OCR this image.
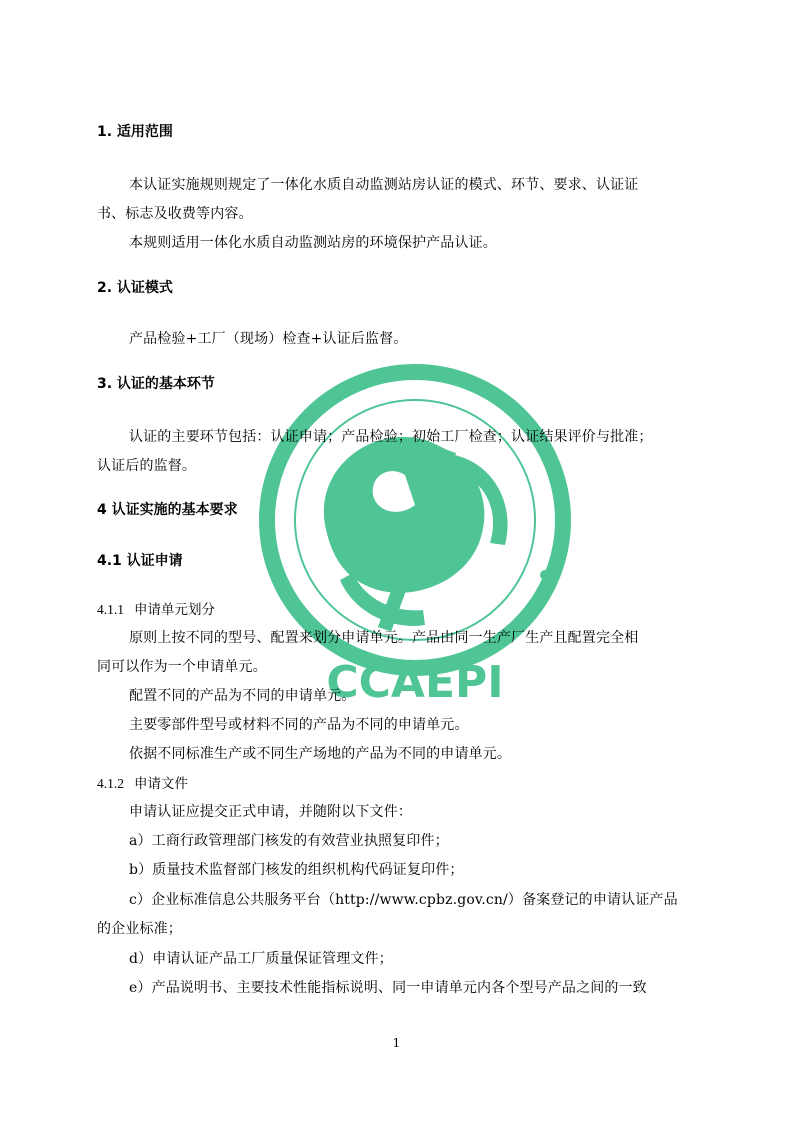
CCAEPI
1. 适用范围
本认证实施规则规定了一体化水质自动监测站房认证的模式、环节、要求、认证证
书、标志及收费等内容。
本规则适用一体化水质自动监测站房的环境保护产品认证。
2. 认证模式
产品检验+工厂（现场）检查+认证后监督。
3. 认证的基本环节
认证的主要环节包括：认证申请；产品检验；初始工厂检查；认证结果评价与批准；
认证后的监督。
4 认证实施的基本要求
4.1 认证申请
4.1.1 申请单元划分
原则上按不同的型号、配置来划分申请单元。产品由同一生产厂生产且配置完全相
同可以作为一个申请单元。
配置不同的产品为不同的申请单元。
主要零部件型号或材料不同的产品为不同的申请单元。
依据不同标准生产或不同生产场地的产品为不同的申请单元。
4.1.2 申请文件
申请认证应提交正式申请，并随附以下文件：
a）工商行政管理部门核发的有效营业执照复印件；
b）质量技术监督部门核发的组织机构代码证复印件；
c）企业标准信息公共服务平台（http://www.cpbz.gov.cn/）备案登记的申请认证产品
的企业标准；
d）申请认证产品工厂质量保证管理文件；
e）产品说明书、主要技术性能指标说明、同一申请单元内各个型号产品之间的一致
1
